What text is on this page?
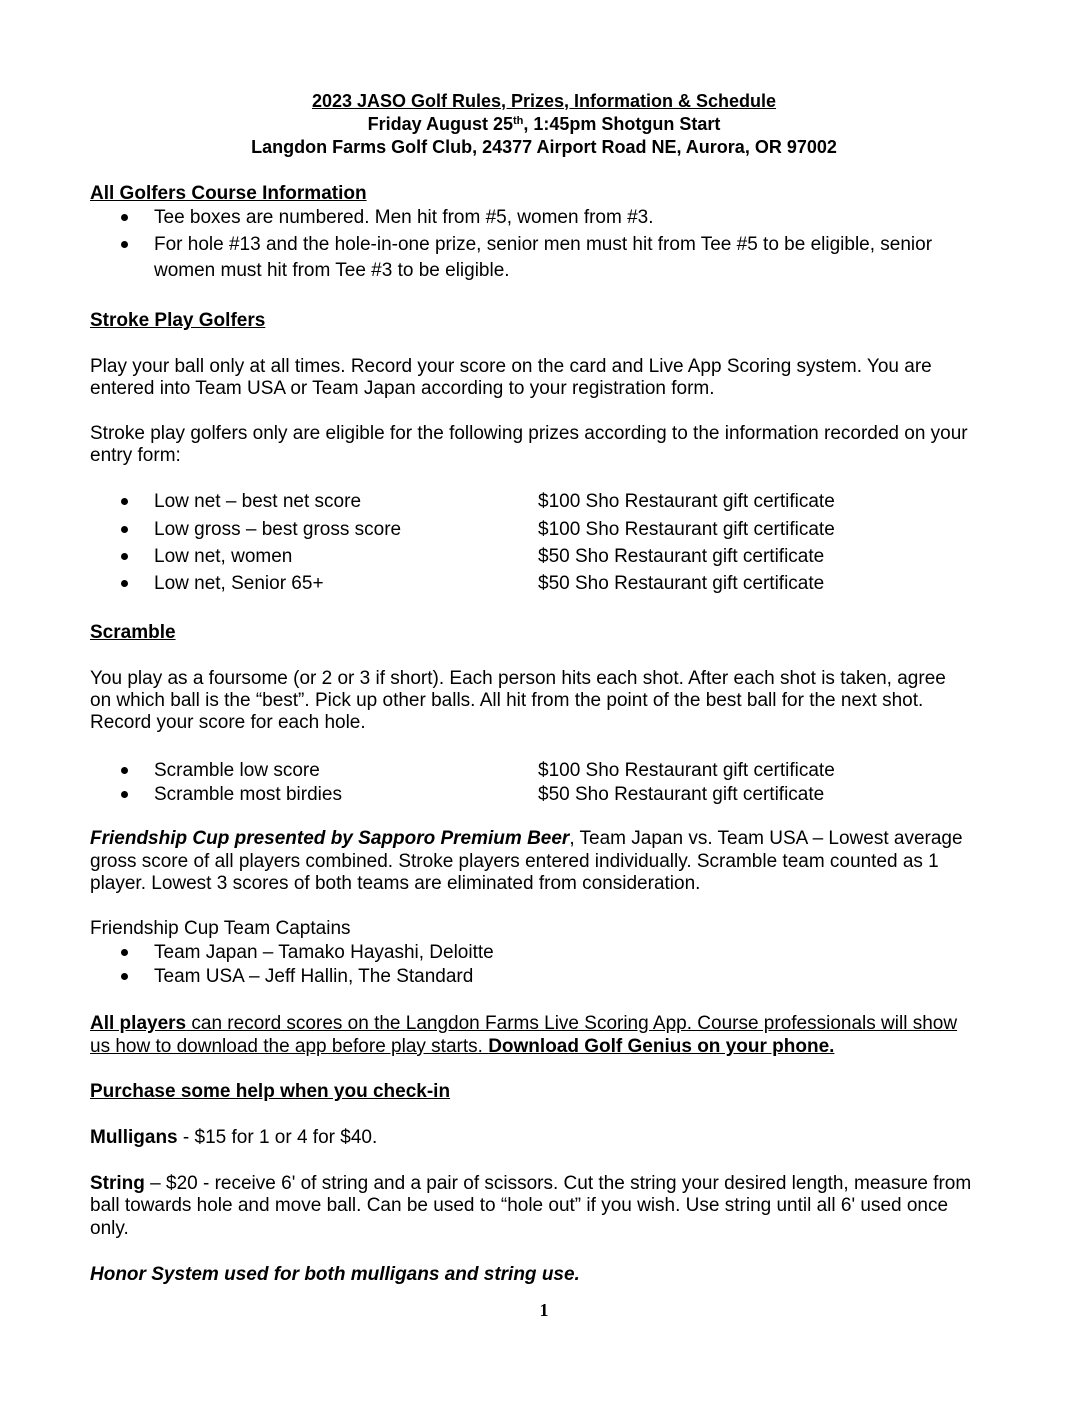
2023 JASO Golf Rules, Prizes, Information & Schedule
Friday August 25th, 1:45pm Shotgun Start
Langdon Farms Golf Club, 24377 Airport Road NE, Aurora, OR 97002
All Golfers Course Information
Tee boxes are numbered. Men hit from #5, women from #3.
For hole #13 and the hole-in-one prize, senior men must hit from Tee #5 to be eligible, senior
women must hit from Tee #3 to be eligible.
Stroke Play Golfers
Play your ball only at all times. Record your score on the card and Live App Scoring system. You are
entered into Team USA or Team Japan according to your registration form.
Stroke play golfers only are eligible for the following prizes according to the information recorded on your
entry form:
Low net – best net score	$100 Sho Restaurant gift certificate
Low gross – best gross score	$100 Sho Restaurant gift certificate
Low net, women	$50 Sho Restaurant gift certificate
Low net, Senior 65+	$50 Sho Restaurant gift certificate
Scramble
You play as a foursome (or 2 or 3 if short). Each person hits each shot. After each shot is taken, agree
on which ball is the “best”. Pick up other balls. All hit from the point of the best ball for the next shot.
Record your score for each hole.
Scramble low score	$100 Sho Restaurant gift certificate
Scramble most birdies	$50 Sho Restaurant gift certificate
Friendship Cup presented by Sapporo Premium Beer, Team Japan vs. Team USA – Lowest average
gross score of all players combined. Stroke players entered individually. Scramble team counted as 1
player. Lowest 3 scores of both teams are eliminated from consideration.
Friendship Cup Team Captains
Team Japan – Tamako Hayashi, Deloitte
Team USA – Jeff Hallin, The Standard
All players can record scores on the Langdon Farms Live Scoring App. Course professionals will show
us how to download the app before play starts. Download Golf Genius on your phone.
Purchase some help when you check-in
Mulligans - $15 for 1 or 4 for $40.
String – $20 - receive 6' of string and a pair of scissors. Cut the string your desired length, measure from
ball towards hole and move ball. Can be used to “hole out” if you wish. Use string until all 6' used once
only.
Honor System used for both mulligans and string use.
1
